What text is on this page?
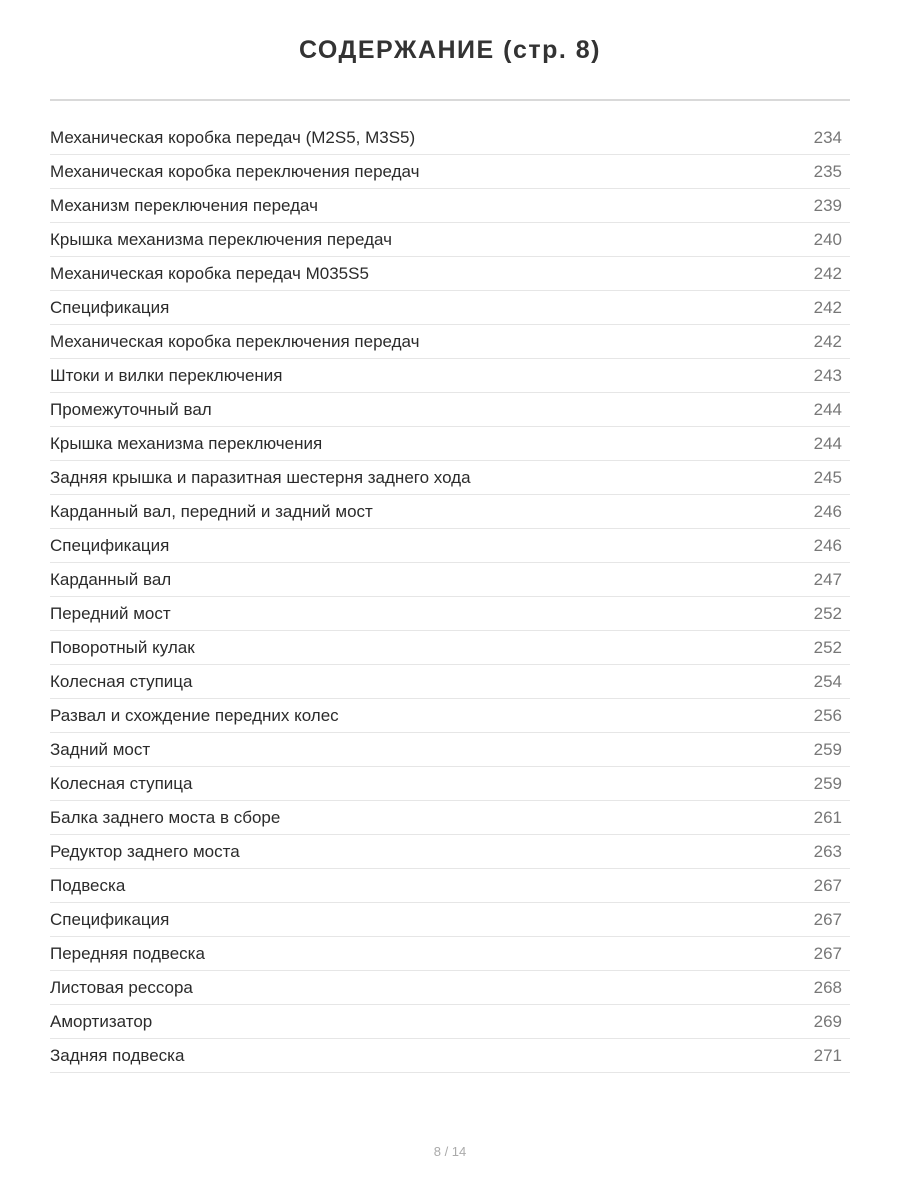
СОДЕРЖАНИЕ (стр. 8)
Механическая коробка передач (M2S5, M3S5)	234
Механическая коробка переключения передач	235
Механизм переключения передач	239
Крышка механизма переключения передач	240
Механическая коробка передач M035S5	242
Спецификация	242
Механическая коробка переключения передач	242
Штоки и вилки переключения	243
Промежуточный вал	244
Крышка механизма переключения	244
Задняя крышка и паразитная шестерня заднего хода	245
Карданный вал, передний и задний мост	246
Спецификация	246
Карданный вал	247
Передний мост	252
Поворотный кулак	252
Колесная ступица	254
Развал и схождение передних колес	256
Задний мост	259
Колесная ступица	259
Балка заднего моста в сборе	261
Редуктор заднего моста	263
Подвеска	267
Спецификация	267
Передняя подвеска	267
Листовая рессора	268
Амортизатор	269
Задняя подвеска	271
8 / 14
